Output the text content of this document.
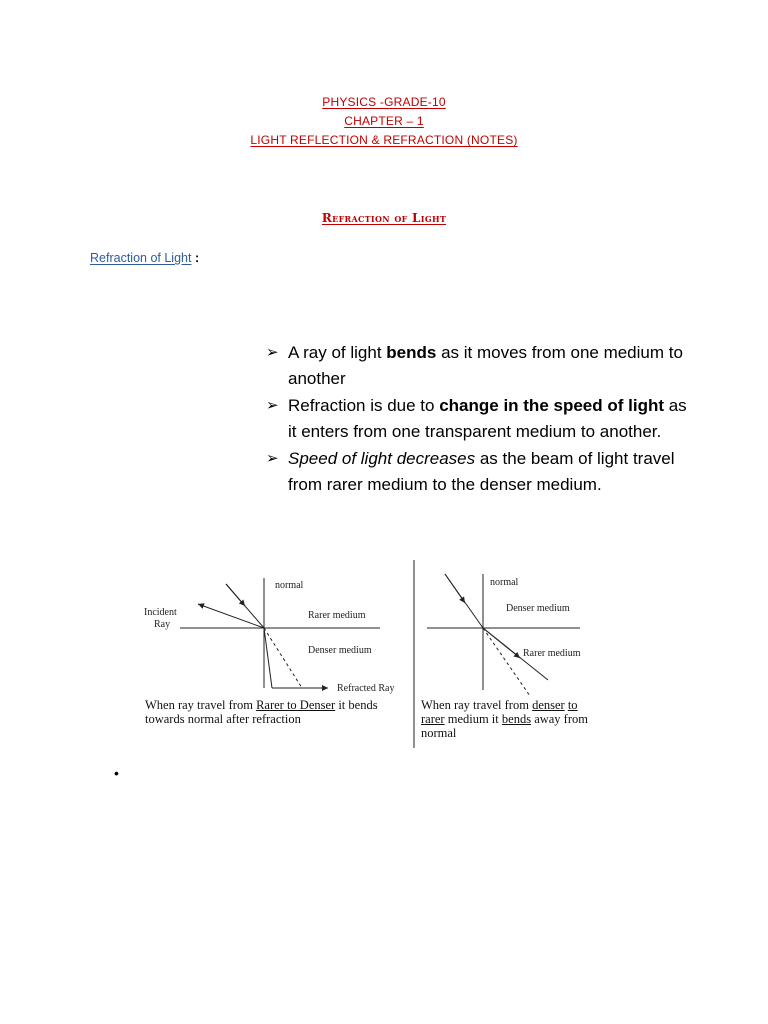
PHYSICS -GRADE-10
CHAPTER – 1
LIGHT REFLECTION & REFRACTION (NOTES)
Refraction of Light
Refraction of Light :
➢ A ray of light bends as it moves from one medium to another
➢ Refraction is due to change in the speed of light as it enters from one transparent medium to another.
➢ Speed of light decreases as the beam of light travel from rarer medium to the denser medium.
normal
Incident
Ray
Rarer medium
Denser medium
Refracted Ray
normal
Denser medium
Rarer medium
When ray travel from Rarer to Denser it bends towards normal after refraction
When ray travel from denser to rarer medium it bends away from normal
•
